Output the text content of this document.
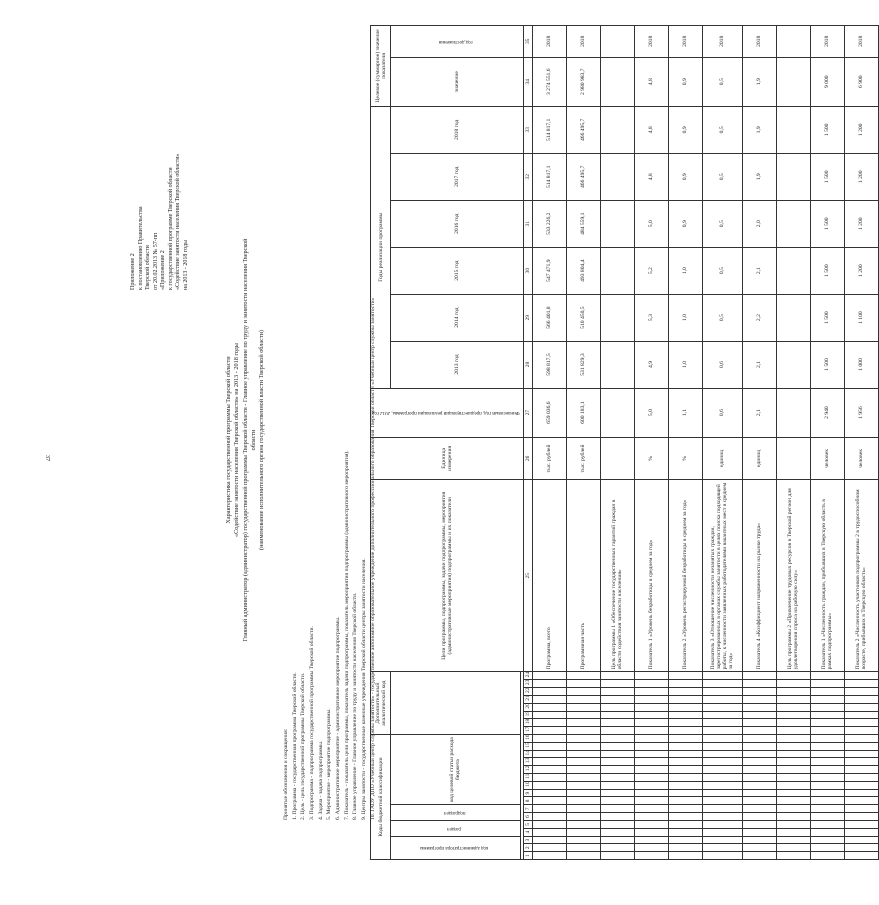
37
Приложение 2 к постановлению Правительства Тверской области от 20.02.2013 № 57-пп «Приложение 2 к государственной программе Тверской области «Содействие занятости населения Тверской области» на 2013 - 2018 годы
Характеристика государственной программы Тверской области «Содействие занятости населения Тверской области» на 2013 - 2018 годы Главный администратор (администратор) государственной программы Тверской области - Главное управление по труду и занятости населения Тверской области (наименование исполнительного органа государственной власти Тверской области)
Принятые обозначения и сокращения: 1. Программа - государственная программа Тверской области. 2. Цель - цель государственной программы Тверской области. 3. Подпрограмма - подпрограмма государственной программы Тверской области. 4. Задача - задача подпрограммы. 5. Мероприятие - мероприятие подпрограммы. 6. Административное мероприятие - административное мероприятие подпрограммы. 7. Показатель - показатель цели программы, показатель задачи подпрограммы, показатель мероприятия подпрограммы (административного мероприятия). 8. Главное управление - Главное управление по труду и занятости населения Тверской области. 9. Центры занятости - государственные казенные учреждения Тверской области центры занятости населения. 10. ГАОУ ДПО «Учебный центр службы занятости» - государственное автономное образовательное учреждение дополнительного профессионального образования Тверской области «Учебный центр службы занятости» Коды бюджетной классификации																Дополнительный аналитический код								Цели программы, подпрограммы, задачи подпрограммы, мероприятия (административные мероприятия) подпрограммы и их показатели	Единица измерения	Финансовый год, предшествующий реализации программы, 2012 год	Годы реализации программы						Целевое (суммарное) значение показателя	
код администратора программы			раздел		подраздел		код целевой статьи расхода бюджета																				2013 год	2014 год	2015 год	2016 год	2017 год	2018 год	значение	год достижения

1	2	3	4	5	6	7	8	9	10	11	12	13	14	15	16	17	18	19	20	21	22	23	24	25	26	27	28	29	30	31	32	33	34	35
																								Программа, всего	тыс. рублей	659 036,6	598 817,5	566 401,8	547 471,9	533 226,2	514 817,1	514 817,1	3 274 551,6	2018
																								Программная часть	тыс. рублей	600 183,1	531 829,3	510 450,5	493 804,4	484 559,1	466 495,7	466 495,7	2 980 983,7	2018
																								Цель программы 1 «Обеспечение государственных гарантий граждан в области содействия занятости населения»										
																								Показатель 1 «Уровень безработицы в среднем за год»	%	5,0	4,9	5,3	5,2	5,0	4,8	4,8	4,8	2018
																								Показатель 2 «Уровень регистрируемой безработицы в среднем за год»	%	1,1	1,0	1,0	1,0	0,9	0,9	0,9	0,9	2018
																								Показатель 3 «Отношение численности незанятых граждан, зарегистрированных в органах службы занятости в целях поиска подходящей работы, к численности заявленных работодателями вакантных мест в среднем за год»	единиц	0,6	0,6	0,5	0,5	0,5	0,5	0,5	0,5	2018
																								Показатель 4 «Коэффициент напряженности на рынке труда»	единиц	2,1	2,1	2,2	2,1	2,0	1,9	1,9	1,9	2018
																								Цель программы 2 «Привлечение трудовых ресурсов в Тверской регион для удовлетворения спроса на рабочую силу»										
																								Показатель 1 «Численность граждан, прибывших в Тверскую область в рамках подпрограммы»	человек	2 940	1 500	1 500	1 500	1 500	1 500	1 500	9 000	2018
																								Показатель 2 «Численность участников подпрограммы 2 в трудоспособном возрасте, прибывших в Тверскую область»	человек	1 956	1 000	1 100	1 200	1 200	1 200	1 200	6 900	2018
